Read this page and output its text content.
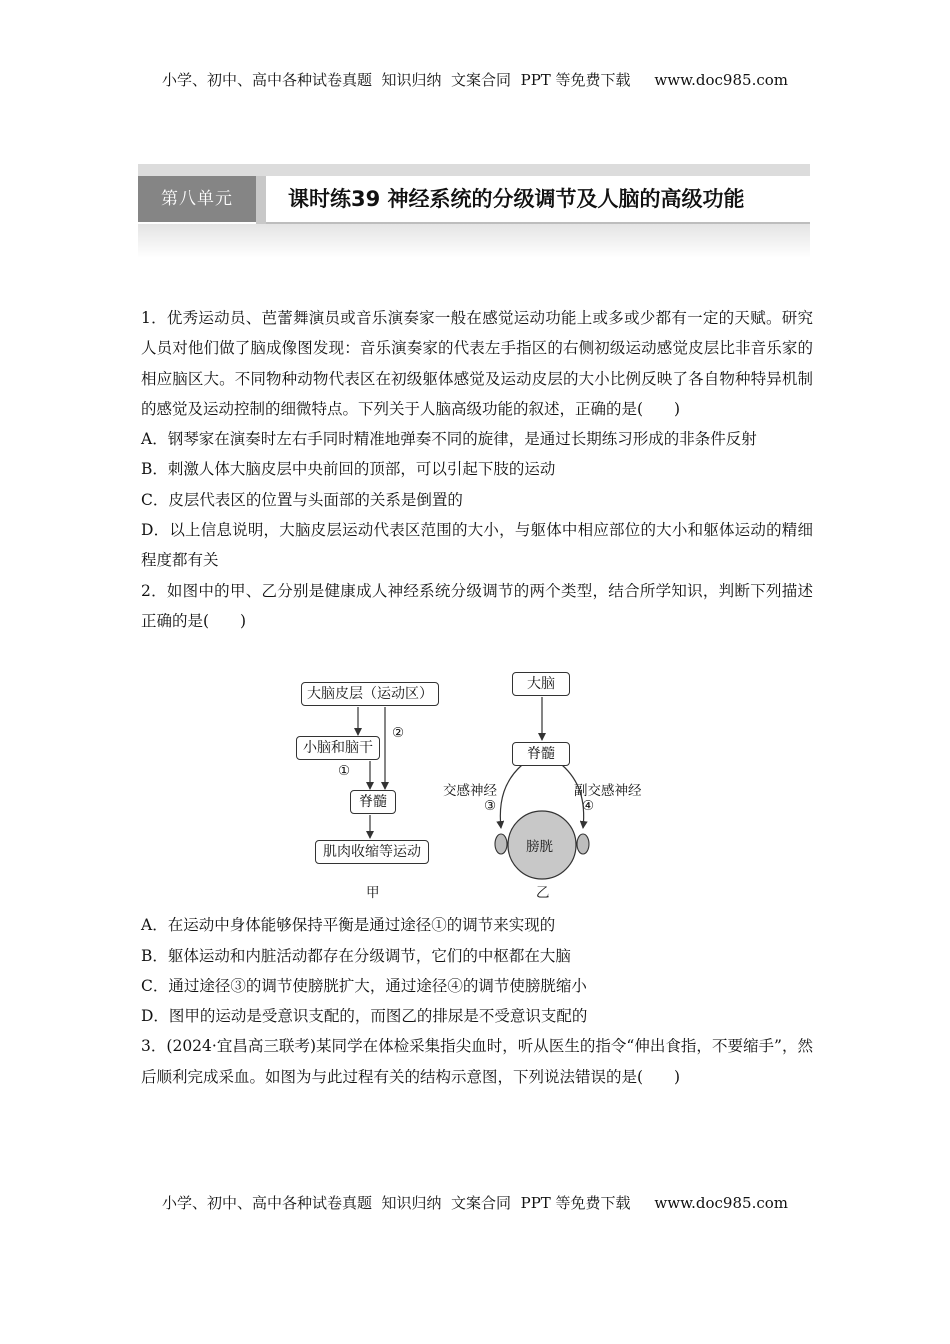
小学、初中、高中各种试卷真题  知识归纳  文案合同  PPT 等免费下载     www.doc985.com
第八单元	课时练39 神经系统的分级调节及人脑的高级功能

1．优秀运动员、芭蕾舞演员或音乐演奏家一般在感觉运动功能上或多或少都有一定的天赋。研究人员对他们做了脑成像图发现：音乐演奏家的代表左手指区的右侧初级运动感觉皮层比非音乐家的相应脑区大。不同物种动物代表区在初级躯体感觉及运动皮层的大小比例反映了各自物种特异机制的感觉及运动控制的细微特点。下列关于人脑高级功能的叙述，正确的是(　　)

A．钢琴家在演奏时左右手同时精准地弹奏不同的旋律，是通过长期练习形成的非条件反射

B．刺激人体大脑皮层中央前回的顶部，可以引起下肢的运动

C．皮层代表区的位置与头面部的关系是倒置的

D．以上信息说明，大脑皮层运动代表区范围的大小，与躯体中相应部位的大小和躯体运动的精细程度都有关

2．如图中的甲、乙分别是健康成人神经系统分级调节的两个类型，结合所学知识，判断下列描述正确的是(　　)

A．在运动中身体能够保持平衡是通过途径①的调节来实现的

B．躯体运动和内脏活动都存在分级调节，它们的中枢都在大脑

C．通过途径③的调节使膀胱扩大，通过途径④的调节使膀胱缩小

D．图甲的运动是受意识支配的，而图乙的排尿是不受意识支配的

3．(2024·宜昌高三联考)某同学在体检采集指尖血时，听从医生的指令“伸出食指，不要缩手”，然后顺利完成采血。如图为与此过程有关的结构示意图，下列说法错误的是(　　)

大脑皮层（运动区）
小脑和脑干
②
①
脊髓
肌肉收缩等运动
甲
大脑
脊髓
交感神经
③
副交感神经
④
膀胱
乙
小学、初中、高中各种试卷真题  知识归纳  文案合同  PPT 等免费下载     www.doc985.com
